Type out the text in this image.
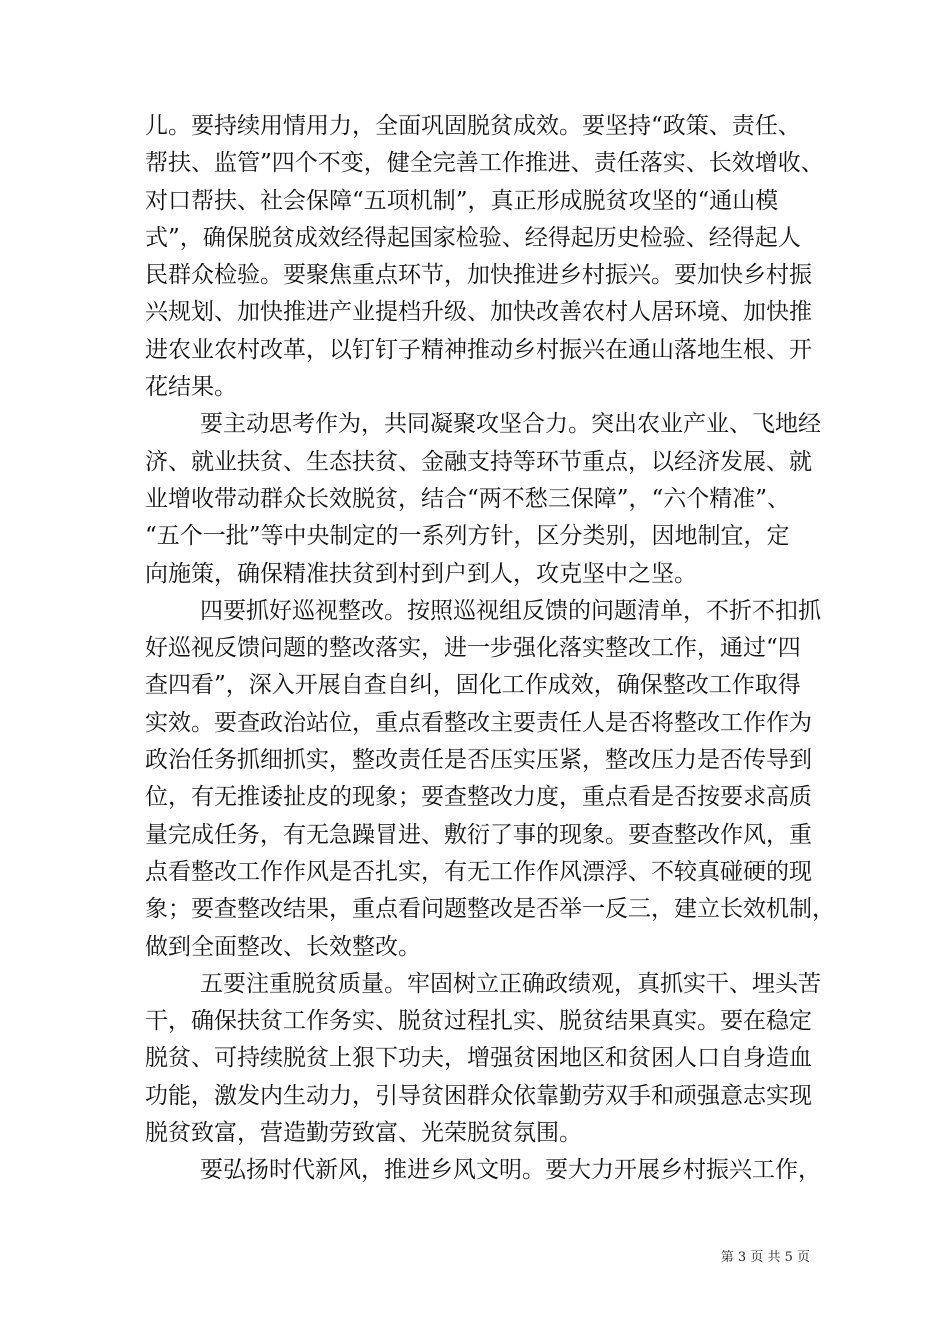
儿。要持续用情用力，全面巩固脱贫成效。要坚持“政策、责任、
帮扶、监管”四个不变，健全完善工作推进、责任落实、长效增收、
对口帮扶、社会保障“五项机制”，真正形成脱贫攻坚的“通山模
式”，确保脱贫成效经得起国家检验、经得起历史检验、经得起人
民群众检验。要聚焦重点环节，加快推进乡村振兴。要加快乡村振
兴规划、加快推进产业提档升级、加快改善农村人居环境、加快推
进农业农村改革，以钉钉子精神推动乡村振兴在通山落地生根、开
花结果。
要主动思考作为，共同凝聚攻坚合力。突出农业产业、飞地经
济、就业扶贫、生态扶贫、金融支持等环节重点，以经济发展、就
业增收带动群众长效脱贫，结合“两不愁三保障”，“六个精准”、
“五个一批”等中央制定的一系列方针，区分类别，因地制宜，定
向施策，确保精准扶贫到村到户到人，攻克坚中之坚。
四要抓好巡视整改。按照巡视组反馈的问题清单，不折不扣抓
好巡视反馈问题的整改落实，进一步强化落实整改工作，通过“四
查四看”，深入开展自查自纠，固化工作成效，确保整改工作取得
实效。要查政治站位，重点看整改主要责任人是否将整改工作作为
政治任务抓细抓实，整改责任是否压实压紧，整改压力是否传导到
位，有无推诿扯皮的现象；要查整改力度，重点看是否按要求高质
量完成任务，有无急躁冒进、敷衍了事的现象。要查整改作风，重
点看整改工作作风是否扎实，有无工作作风漂浮、不较真碰硬的现
象；要查整改结果，重点看问题整改是否举一反三，建立长效机制，
做到全面整改、长效整改。
五要注重脱贫质量。牢固树立正确政绩观，真抓实干、埋头苦
干，确保扶贫工作务实、脱贫过程扎实、脱贫结果真实。要在稳定
脱贫、可持续脱贫上狠下功夫，增强贫困地区和贫困人口自身造血
功能，激发内生动力，引导贫困群众依靠勤劳双手和顽强意志实现
脱贫致富，营造勤劳致富、光荣脱贫氛围。
要弘扬时代新风，推进乡风文明。要大力开展乡村振兴工作，
第 3 页 共 5 页
